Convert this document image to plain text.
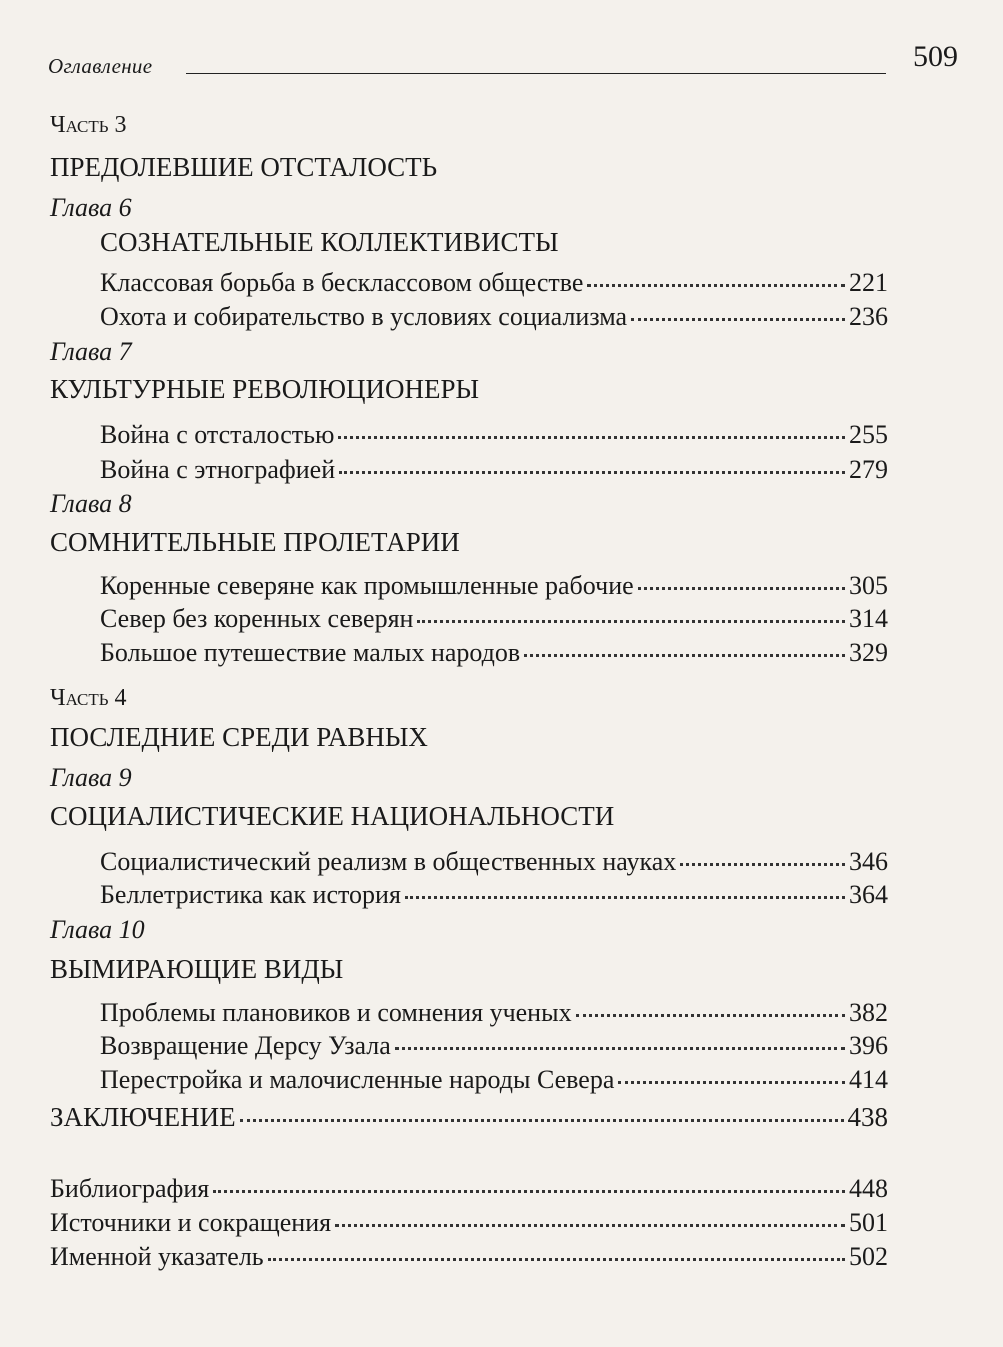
Оглавление	509
Часть 3
ПРЕДОЛЕВШИЕ ОТСТАЛОСТЬ
Глава 6
СОЗНАТЕЛЬНЫЕ КОЛЛЕКТИВИСТЫ
Классовая борьба в бесклассовом обществе	221
Охота и собирательство в условиях социализма	236
Глава 7
КУЛЬТУРНЫЕ РЕВОЛЮЦИОНЕРЫ
Война с отсталостью	255
Война с этнографией	279
Глава 8
СОМНИТЕЛЬНЫЕ ПРОЛЕТАРИИ
Коренные северяне как промышленные рабочие	305
Север без коренных северян	314
Большое путешествие малых народов	329
Часть 4
ПОСЛЕДНИЕ СРЕДИ РАВНЫХ
Глава 9
СОЦИАЛИСТИЧЕСКИЕ НАЦИОНАЛЬНОСТИ
Социалистический реализм в общественных науках	346
Беллетристика как история	364
Глава 10
ВЫМИРАЮЩИЕ ВИДЫ
Проблемы плановиков и сомнения ученых	382
Возвращение Дерсу Узала	396
Перестройка и малочисленные народы Севера	414
ЗАКЛЮЧЕНИЕ	438
Библиография	448
Источники и сокращения	501
Именной указатель	502
